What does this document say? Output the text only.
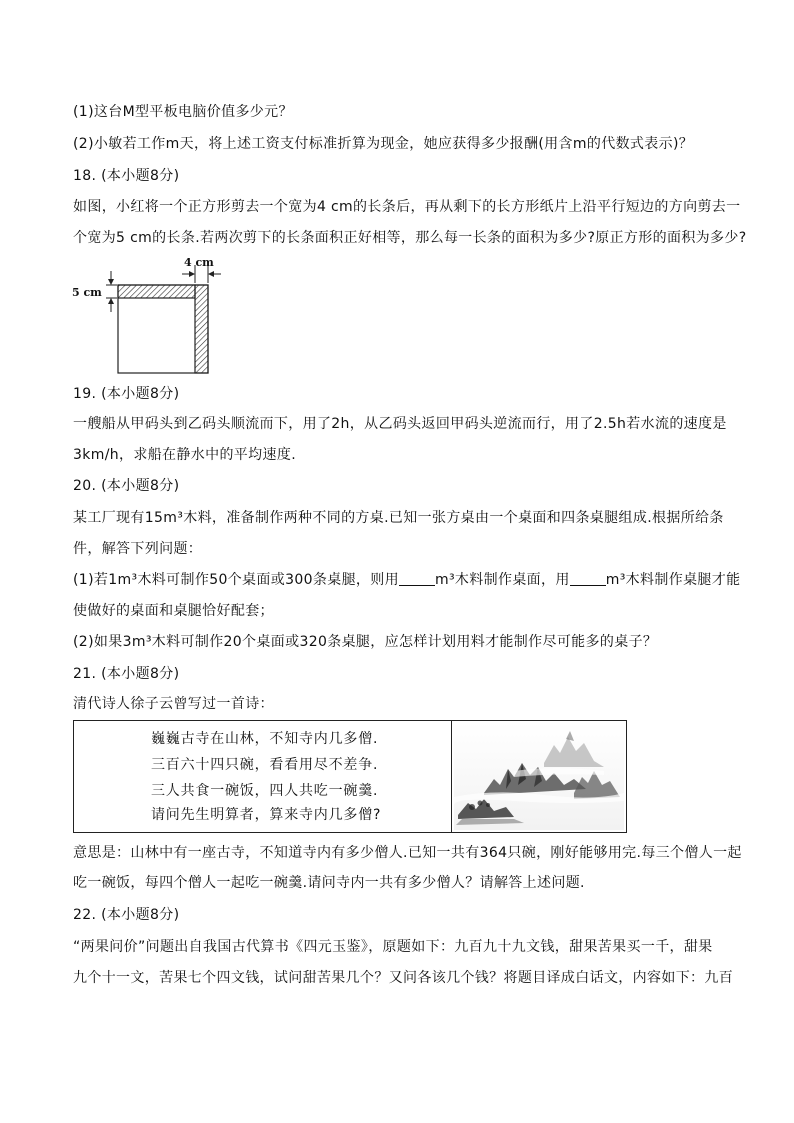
(1)这台M型平板电脑价值多少元？
(2)小敏若工作m天，将上述工资支付标准折算为现金，她应获得多少报酬(用含m的代数式表示)？
18. (本小题8分)
如图，小红将一个正方形剪去一个宽为4 cm的长条后，再从剩下的长方形纸片上沿平行短边的方向剪去一
个宽为5 cm的长条.若两次剪下的长条面积正好相等，那么每一长条的面积为多少?原正方形的面积为多少?
4 cm
5 cm
19. (本小题8分)
一艘船从甲码头到乙码头顺流而下，用了2h，从乙码头返回甲码头逆流而行，用了2.5h若水流的速度是
3km/h，求船在静水中的平均速度.
20. (本小题8分)
某工厂现有15m³木料，准备制作两种不同的方桌.已知一张方桌由一个桌面和四条桌腿组成.根据所给条
件，解答下列问题：
(1)若1m³木料可制作50个桌面或300条桌腿，则用	m³木料制作桌面，用	m³木料制作桌腿才能
使做好的桌面和桌腿恰好配套；
(2)如果3m³木料可制作20个桌面或320条桌腿，应怎样计划用料才能制作尽可能多的桌子？
21. (本小题8分)
清代诗人徐子云曾写过一首诗：
巍巍古寺在山林，不知寺内几多僧.
三百六十四只碗，看看用尽不差争.
三人共食一碗饭，四人共吃一碗羹.
请问先生明算者，算来寺内几多僧?
意思是：山林中有一座古寺，不知道寺内有多少僧人.已知一共有364只碗，刚好能够用完.每三个僧人一起
吃一碗饭，每四个僧人一起吃一碗羹.请问寺内一共有多少僧人？请解答上述问题.
22. (本小题8分)
“两果问价”问题出自我国古代算书《四元玉鉴》，原题如下：九百九十九文钱，甜果苦果买一千，甜果
九个十一文，苦果七个四文钱，试问甜苦果几个？又问各该几个钱？将题目译成白话文，内容如下：九百
